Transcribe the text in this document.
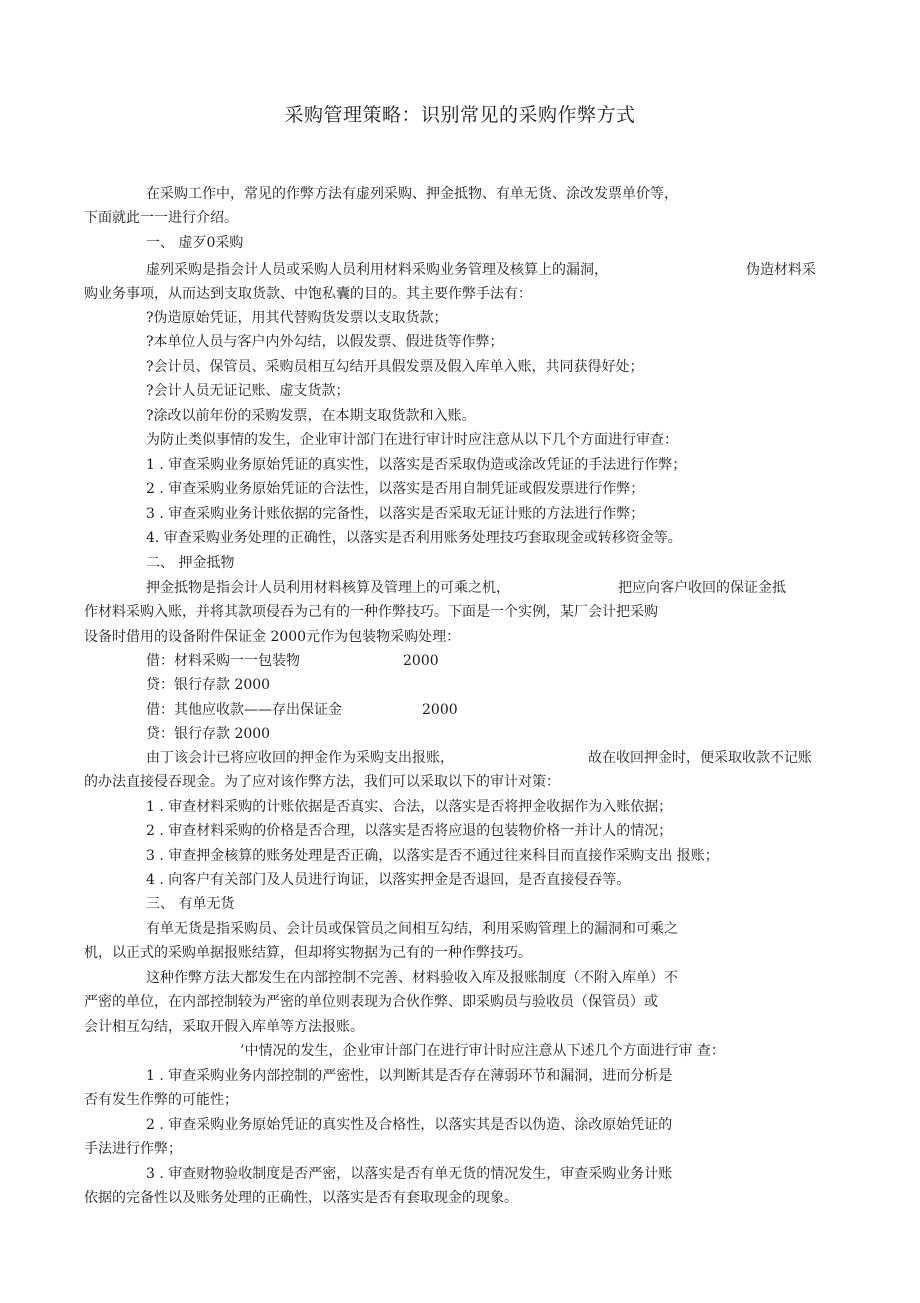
采购管理策略：识别常见的采购作弊方式
在采购工作中，常见的作弊方法有虚列采购、押金抵物、有单无货、涂改发票单价等，
下面就此一一进行介绍。
一、 虚歹0采购
虚列采购是指会计人员或采购人员利用材料采购业务管理及核算上的漏洞，	伪造材料采
购业务事项，从而达到支取货款、中饱私囊的目的。其主要作弊手法有：
?伪造原始凭证，用其代替购货发票以支取货款；
?本单位人员与客户内外勾结，以假发票、假进货等作弊；
?会计员、保管员、采购员相互勾结开具假发票及假入库单入账，共同获得好处；
?会计人员无证记账、虚支货款；
?涂改以前年份的采购发票，在本期支取货款和入账。
为防止类似事情的发生，企业审计部门在进行审计时应注意从以下几个方面进行审查：
1 . 审查采购业务原始凭证的真实性，以落实是否采取伪造或涂改凭证的手法进行作弊；
2 . 审查采购业务原始凭证的合法性，以落实是否用自制凭证或假发票进行作弊；
3 . 审查采购业务计账依据的完备性，以落实是否采取无证计账的方法进行作弊；
4. 审查采购业务处理的正确性，以落实是否利用账务处理技巧套取现金或转移资金等。
二、 押金抵物
押金抵物是指会计人员利用材料核算及管理上的可乘之机，	把应向客户收回的保证金抵
作材料采购入账，并将其款项侵吞为己有的一种作弊技巧。下面是一个实例，某厂会计把采购
设备时借用的设备附件保证金 2000元作为包装物采购处理：
借：材料采购一一包装物	2000
贷：银行存款 2000
借：其他应收款——存出保证金	2000
贷：银行存款 2000
由丁该会计已将应收回的押金作为采购支出报账，	故在收回押金时，便采取收款不记账
的办法直接侵吞现金。为了应对该作弊方法，我们可以采取以下的审计对策：
1 . 审查材料采购的计账依据是否真实、合法，以落实是否将押金收据作为入账依据；
2 . 审查材料采购的价格是否合理，以落实是否将应退的包装物价格一并计人的情况；
3 . 审查押金核算的账务处理是否正确，以落实是否不通过往来科目而直接作采购支出 报账；
4 . 向客户有关部门及人员进行询证，以落实押金是否退回，是否直接侵吞等。
三、 有单无货
有单无货是指采购员、会计员或保管员之间相互勾结，利用采购管理上的漏洞和可乘之
机，以正式的采购单据报账结算，但却将实物据为己有的一种作弊技巧。
这种作弊方法大都发生在内部控制不完善、材料验收入库及报账制度（不附入库单）不
严密的单位，在内部控制较为严密的单位则表现为合伙作弊、即采购员与验收员（保管员）或
会计相互勾结，采取开假入库单等方法报账。
’中情况的发生，企业审计部门在进行审计时应注意从下述几个方面进行审 查：
1 . 审查采购业务内部控制的严密性，以判断其是否存在薄弱环节和漏洞，进而分析是
否有发生作弊的可能性；
2 . 审查采购业务原始凭证的真实性及合格性，以落实其是否以伪造、涂改原始凭证的
手法进行作弊；
3 . 审查财物验收制度是否严密，以落实是否有单无货的情况发生，审查采购业务计账
依据的完备性以及账务处理的正确性，以落实是否有套取现金的现象。
